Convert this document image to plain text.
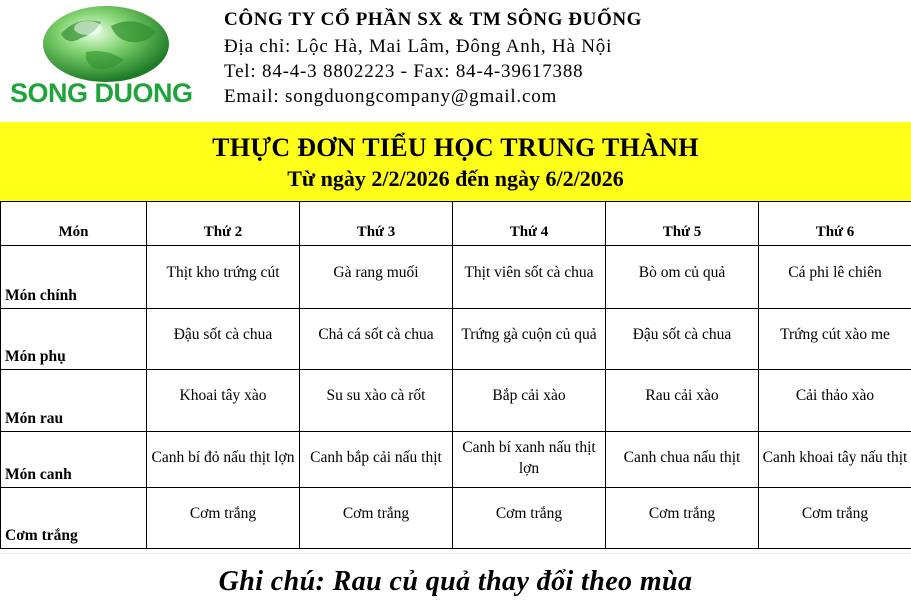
SONG DUONG
CÔNG TY CỔ PHẦN SX & TM SÔNG ĐUỐNG
Địa chỉ: Lộc Hà, Mai Lâm, Đông Anh, Hà Nội
Tel: 84-4-3 8802223 - Fax: 84-4-39617388
Email: songduongcompany@gmail.com
THỰC ĐƠN TIỂU HỌC TRUNG THÀNH
Từ ngày 2/2/2026 đến ngày 6/2/2026
Món	Thứ 2	Thứ 3	Thứ 4	Thứ 5	Thứ 6
Món chính	Thịt kho trứng cút	Gà rang muối	Thịt viên sốt cà chua	Bò om củ quả	Cá phi lê chiên
Món phụ	Đậu sốt cà chua	Chả cá sốt cà chua	Trứng gà cuộn củ quả	Đậu sốt cà chua	Trứng cút xào me
Món rau	Khoai tây xào	Su su xào cà rốt	Bắp cải xào	Rau cải xào	Cải thảo xào
Món canh	Canh bí đỏ nấu thịt lợn	Canh bắp cải nấu thịt	Canh bí xanh nấu thịt lợn	Canh chua nấu thịt	Canh khoai tây nấu thịt
Cơm trắng	Cơm trắng	Cơm trắng	Cơm trắng	Cơm trắng	Cơm trắng
Ghi chú: Rau củ quả thay đổi theo mùa
